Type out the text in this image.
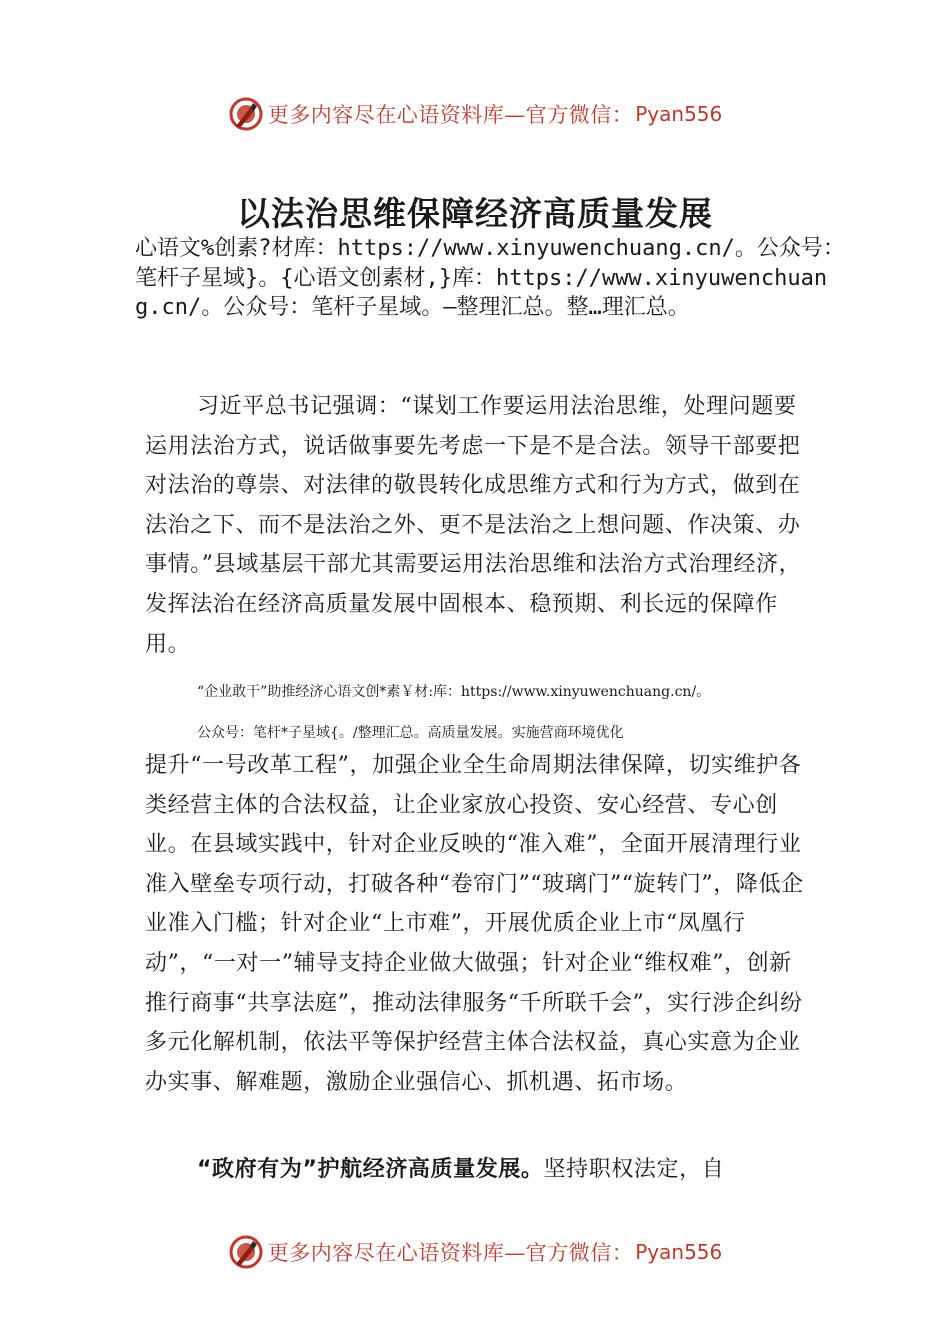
更多内容尽在心语资料库—官方微信： Pyan556
以法治思维保障经济高质量发展

心语文%创素?材库：https://www.xinyuwenchuang.cn/。公众号：笔杆子星域}。{心语文创素材,}库：https://www.xinyuwenchuang.cn/。公众号：笔杆子星域。—整理汇总。整…理汇总。

习近平总书记强调：“谋划工作要运用法治思维，处理问题要运用法治方式，说话做事要先考虑一下是不是合法。领导干部要把对法治的尊崇、对法律的敬畏转化成思维方式和行为方式，做到在法治之下、而不是法治之外、更不是法治之上想问题、作决策、办事情。”县域基层干部尤其需要运用法治思维和法治方式治理经济，发挥法治在经济高质量发展中固根本、稳预期、利长远的保障作用。

“企业敢干”助推经济心语文创*素￥材:库：https://www.xinyuwenchuang.cn/。

公众号：笔杆*子星域{。/整理汇总。高质量发展。实施营商环境优化

提升“一号改革工程”，加强企业全生命周期法律保障，切实维护各类经营主体的合法权益，让企业家放心投资、安心经营、专心创业。在县域实践中，针对企业反映的“准入难”，全面开展清理行业准入壁垒专项行动，打破各种“卷帘门”“玻璃门”“旋转门”，降低企业准入门槛；针对企业“上市难”，开展优质企业上市“凤凰行动”，“一对一”辅导支持企业做大做强；针对企业“维权难”，创新推行商事“共享法庭”，推动法律服务“千所联千会”，实行涉企纠纷多元化解机制，依法平等保护经营主体合法权益，真心实意为企业办实事、解难题，激励企业强信心、抓机遇、拓市场。

“政府有为”护航经济高质量发展。坚持职权法定，自

更多内容尽在心语资料库—官方微信： Pyan556
